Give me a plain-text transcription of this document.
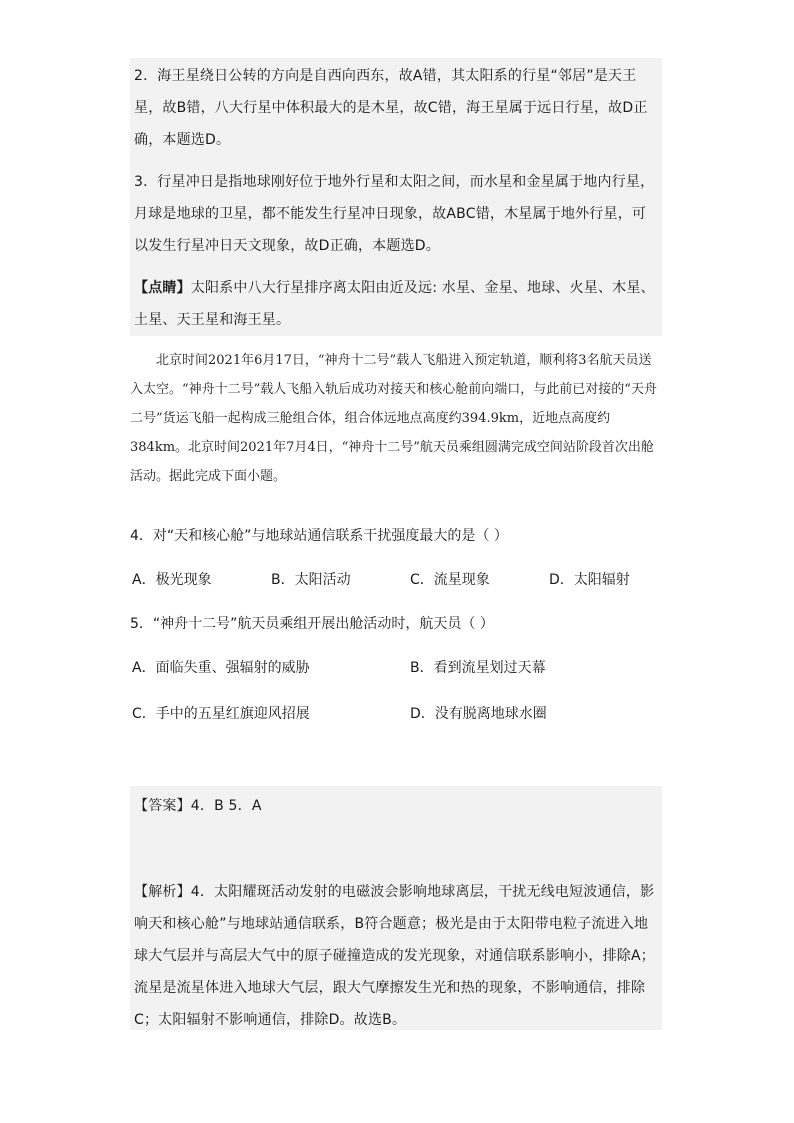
2．海王星绕日公转的方向是自西向西东，故A错，其太阳系的行星“邻居”是天王星，故B错，八大行星中体积最大的是木星，故C错，海王星属于远日行星，故D正确，本题选D。

3．行星冲日是指地球刚好位于地外行星和太阳之间，而水星和金星属于地内行星，月球是地球的卫星，都不能发生行星冲日现象，故ABC错，木星属于地外行星，可以发生行星冲日天文现象，故D正确，本题选D。

【点睛】太阳系中八大行星排序离太阳由近及远: 水星、金星、地球、火星、木星、土星、天王星和海王星。

北京时间2021年6月17日，“神舟十二号”载人飞船进入预定轨道，顺利将3名航天员送入太空。“神舟十二号”载人飞船入轨后成功对接天和核心舱前向端口，与此前已对接的“天舟二号”货运飞船一起构成三舱组合体，组合体远地点高度约394.9km，近地点高度约384km。北京时间2021年7月4日，“神舟十二号”航天员乘组圆满完成空间站阶段首次出舱活动。据此完成下面小题。

4．对“天和核心舱”与地球站通信联系干扰强度最大的是（ ）
A．极光现象	B．太阳活动	C．流星现象	D．太阳辐射
5．“神舟十二号”航天员乘组开展出舱活动时，航天员（ ）
A．面临失重、强辐射的威胁	B．看到流星划过天幕
C．手中的五星红旗迎风招展	D．没有脱离地球水圈

【答案】4．B 5．A

【解析】4．太阳耀斑活动发射的电磁波会影响地球离层，干扰无线电短波通信，影响天和核心舱”与地球站通信联系，B符合题意；极光是由于太阳带电粒子流进入地球大气层并与高层大气中的原子碰撞造成的发光现象，对通信联系影响小，排除A；流星是流星体进入地球大气层，跟大气摩擦发生光和热的现象，不影响通信，排除C；太阳辐射不影响通信，排除D。故选B。
